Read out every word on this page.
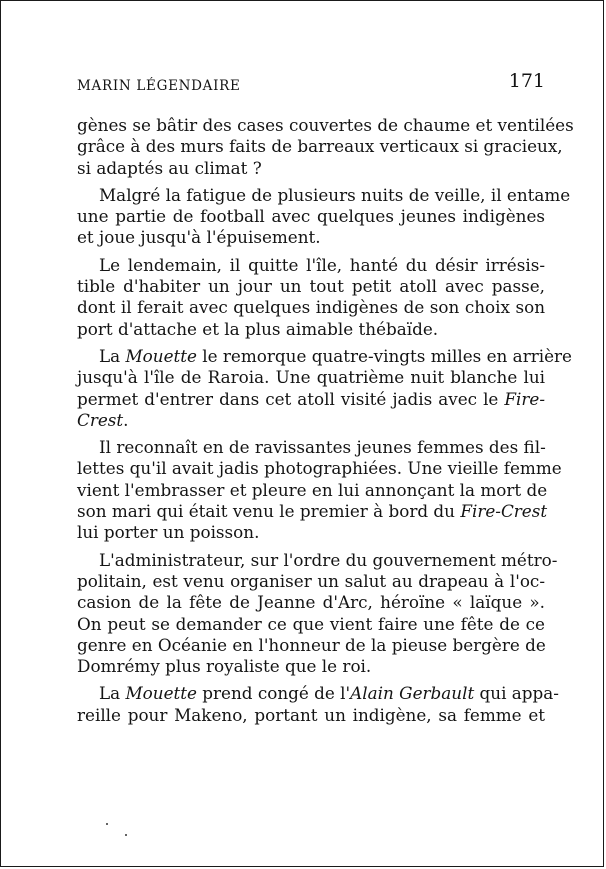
MARIN LÉGENDAIRE	171
gènes se bâtir des cases couvertes de chaume et ventilées
grâce à des murs faits de barreaux verticaux si gracieux,
si adaptés au climat ?
Malgré la fatigue de plusieurs nuits de veille, il entame
une partie de football avec quelques jeunes indigènes
et joue jusqu'à l'épuisement.
Le lendemain, il quitte l'île, hanté du désir irrésis-
tible d'habiter un jour un tout petit atoll avec passe,
dont il ferait avec quelques indigènes de son choix son
port d'attache et la plus aimable thébaïde.
La Mouette le remorque quatre-vingts milles en arrière
jusqu'à l'île de Raroia. Une quatrième nuit blanche lui
permet d'entrer dans cet atoll visité jadis avec le Fire-
Crest.
Il reconnaît en de ravissantes jeunes femmes des fil-
lettes qu'il avait jadis photographiées. Une vieille femme
vient l'embrasser et pleure en lui annonçant la mort de
son mari qui était venu le premier à bord du Fire-Crest
lui porter un poisson.
L'administrateur, sur l'ordre du gouvernement métro-
politain, est venu organiser un salut au drapeau à l'oc-
casion de la fête de Jeanne d'Arc, héroïne « laïque ».
On peut se demander ce que vient faire une fête de ce
genre en Océanie en l'honneur de la pieuse bergère de
Domrémy plus royaliste que le roi.
La Mouette prend congé de l'Alain Gerbault qui appa-
reille pour Makeno, portant un indigène, sa femme et
